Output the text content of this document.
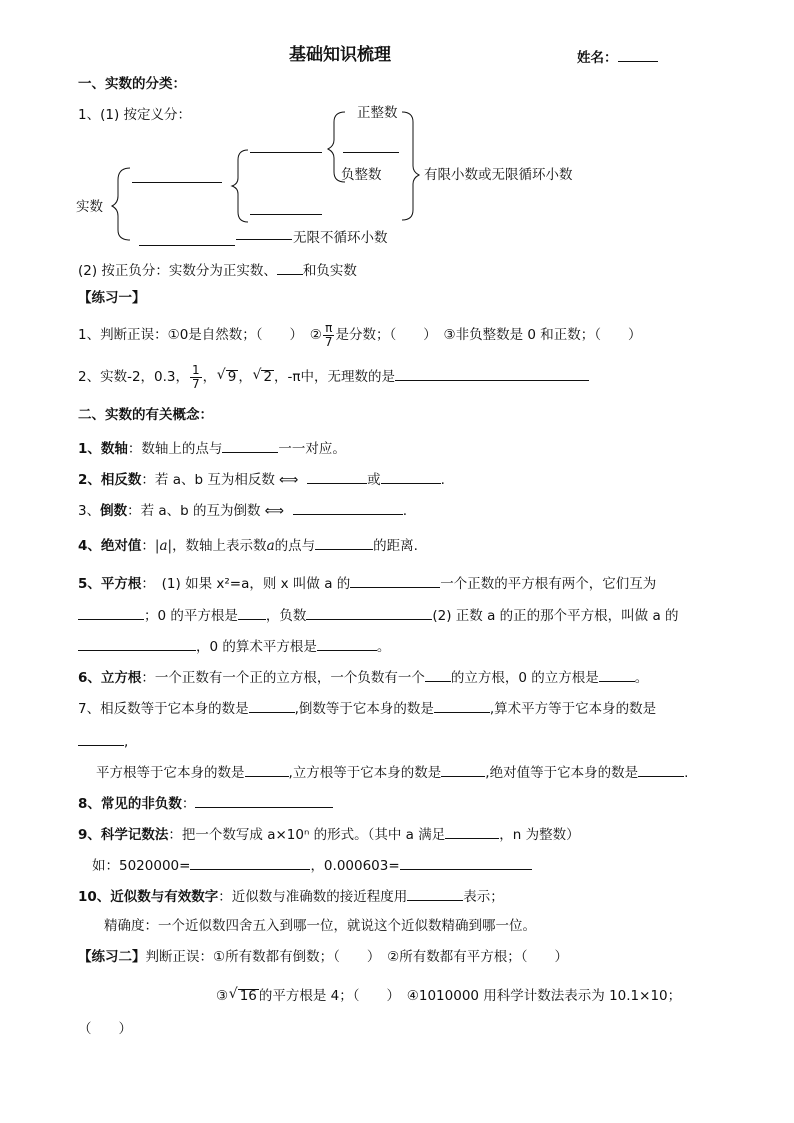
基础知识梳理	姓名：
一、实数的分类：
1、(1) 按定义分：	正整数
负整数	有限小数或无限循环小数
实数
无限不循环小数
(2) 按正负分：实数分为正实数、 和负实数
【练习一】
1、判断正误：①0是自然数；（　　）　② $\frac{\pi}{7}$ 是分数；（　　）　③非负整数是 0 和正数；（　　）
2、实数-2，0.3， $\frac{1}{7}$ ， √ 9 ， √ 2 ，-π中，无理数的是
二、实数的有关概念：
1、数轴：数轴上的点与	一一对应。
2、相反数：若 a、b 互为相反数 ⟺	或	.
3、倒数：若 a、b 的互为倒数 ⟺	.
4、绝对值：|a|，数轴上表示数a的点与	的距离.
5、平方根：　(1) 如果 x²=a，则 x 叫做 a 的	一个正数的平方根有两个，它们互为
；0 的平方根是 ，负数	(2) 正数 a 的正的那个平方根，叫做 a 的
，0 的算术平方根是	。
6、立方根：一个正数有一个正的立方根，一个负数有一个 的立方根，0 的立方根是	。
7、相反数等于它本身的数是	,倒数等于它本身的数是	,算术平方等于它本身的数是
,
平方根等于它本身的数是	,立方根等于它本身的数是	,绝对值等于它本身的数是	.
8、常见的非负数：
9、科学记数法：把一个数写成 a×10ⁿ 的形式。（其中 a 满足	，n 为整数）
如：5020000=	，0.000603=
10、近似数与有效数字：近似数与准确数的接近程度用	表示；
精确度：一个近似数四舍五入到哪一位，就说这个近似数精确到哪一位。
【练习二】判断正误：①所有数都有倒数；（　　）　②所有数都有平方根；（　　）
③ √ 16 的平方根是 4；（　　）　④1010000 用科学计数法表示为 10.1×10；
（　　）
